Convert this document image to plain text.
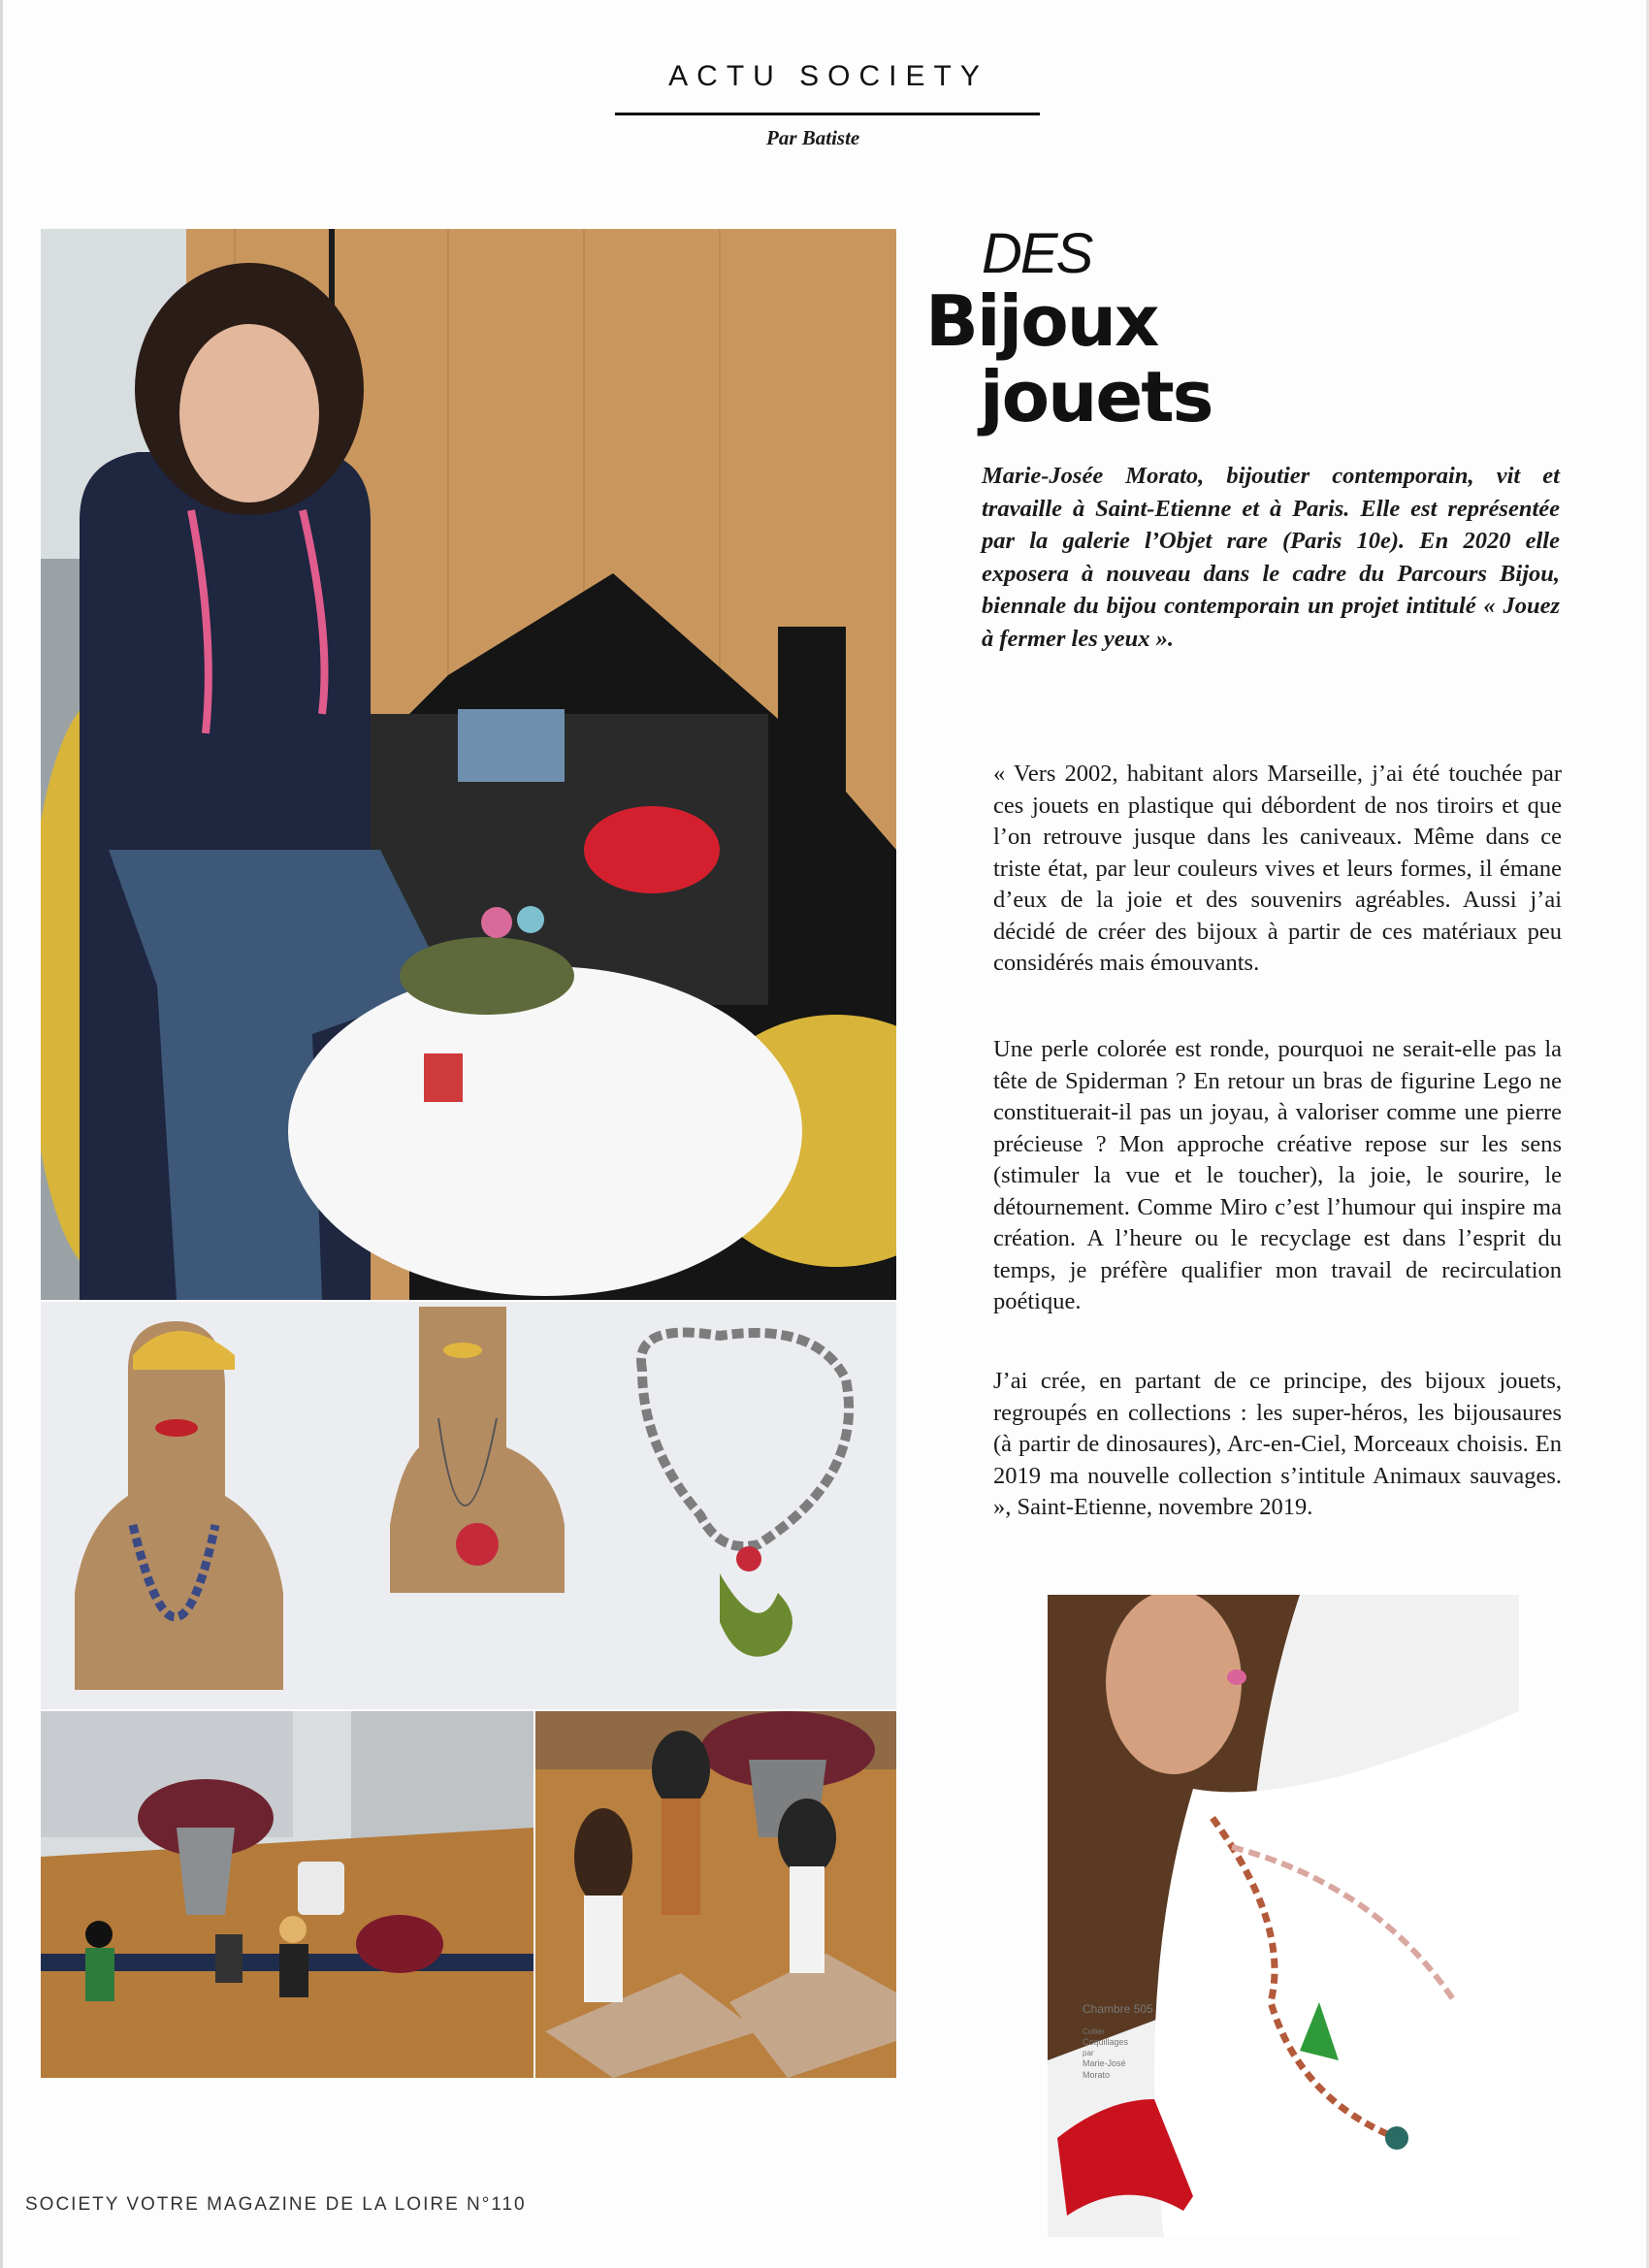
ACTU SOCIETY
Par Batiste
Chambre 505
Collier
Coquillages
par
Marie-José
Morato
DES
Bijoux
jouets
Marie-Josée Morato, bijoutier contemporain, vit et travaille à Saint-Etienne et à Paris. Elle est représentée par la galerie l’Objet rare (Paris 10e). En 2020 elle exposera à nouveau dans le cadre du Parcours Bijou, biennale du bijou contemporain un projet intitulé « Jouez à fermer les yeux ».
« Vers 2002, habitant alors Marseille, j’ai été touchée par ces jouets en plastique qui débordent de nos tiroirs et que l’on retrouve jusque dans les caniveaux. Même dans ce triste état, par leur couleurs vives et leurs formes, il émane d’eux de la joie et des souvenirs agréables. Aussi j’ai décidé de créer des bijoux à partir de ces matériaux peu considérés mais émouvants.
Une perle colorée est ronde, pourquoi ne serait-elle pas la tête de Spiderman ? En retour un bras de figurine Lego ne constituerait-il pas un joyau, à valoriser comme une pierre précieuse ? Mon approche créative repose sur les sens (stimuler la vue et le toucher), la joie, le sourire, le détournement. Comme Miro c’est l’humour qui inspire ma création. A l’heure ou le recyclage est dans l’esprit du temps, je préfère qualifier mon travail de recirculation poétique.
J’ai crée, en partant de ce principe, des bijoux jouets, regroupés en collections : les super-héros, les bijousaures (à partir de dinosaures), Arc-en-Ciel, Morceaux choisis. En 2019 ma nouvelle collection s’intitule Animaux sauvages. », Saint-Etienne, novembre 2019.
SOCIETY VOTRE MAGAZINE DE LA LOIRE N°110
